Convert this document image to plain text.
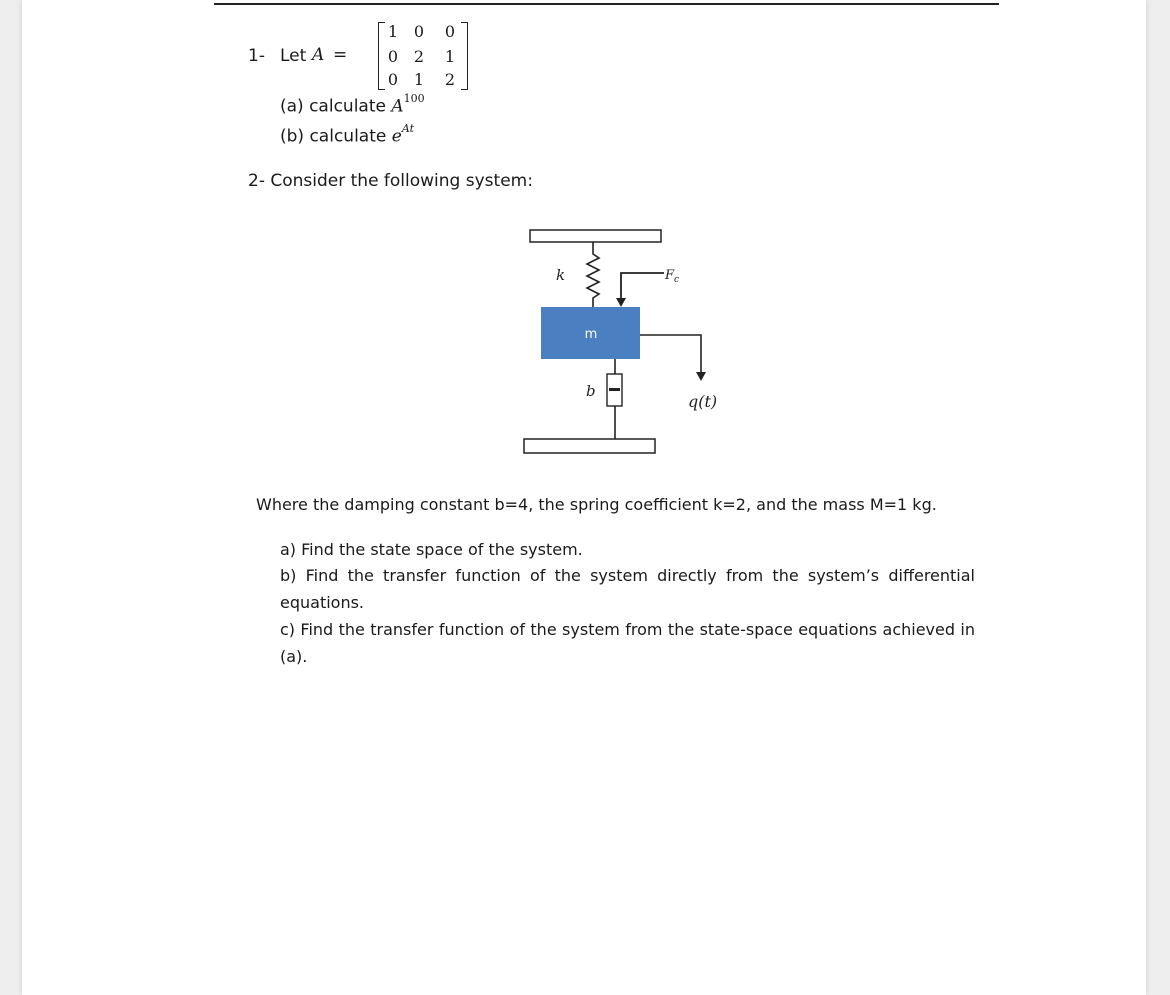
1- Let A =
1 0 0
0 2 1
0 1 2
(a) calculate $A^{100}$
(b) calculate $e^{At}$
2- Consider the following system:
k	$F_c$
m
q(t)
b
Where the damping constant b=4, the spring coefficient k=2, and the mass M=1 kg.
a) Find the state space of the system.
b) Find the transfer function of the system directly from the system’s differential equations.
c) Find the transfer function of the system from the state-space equations achieved in (a).
